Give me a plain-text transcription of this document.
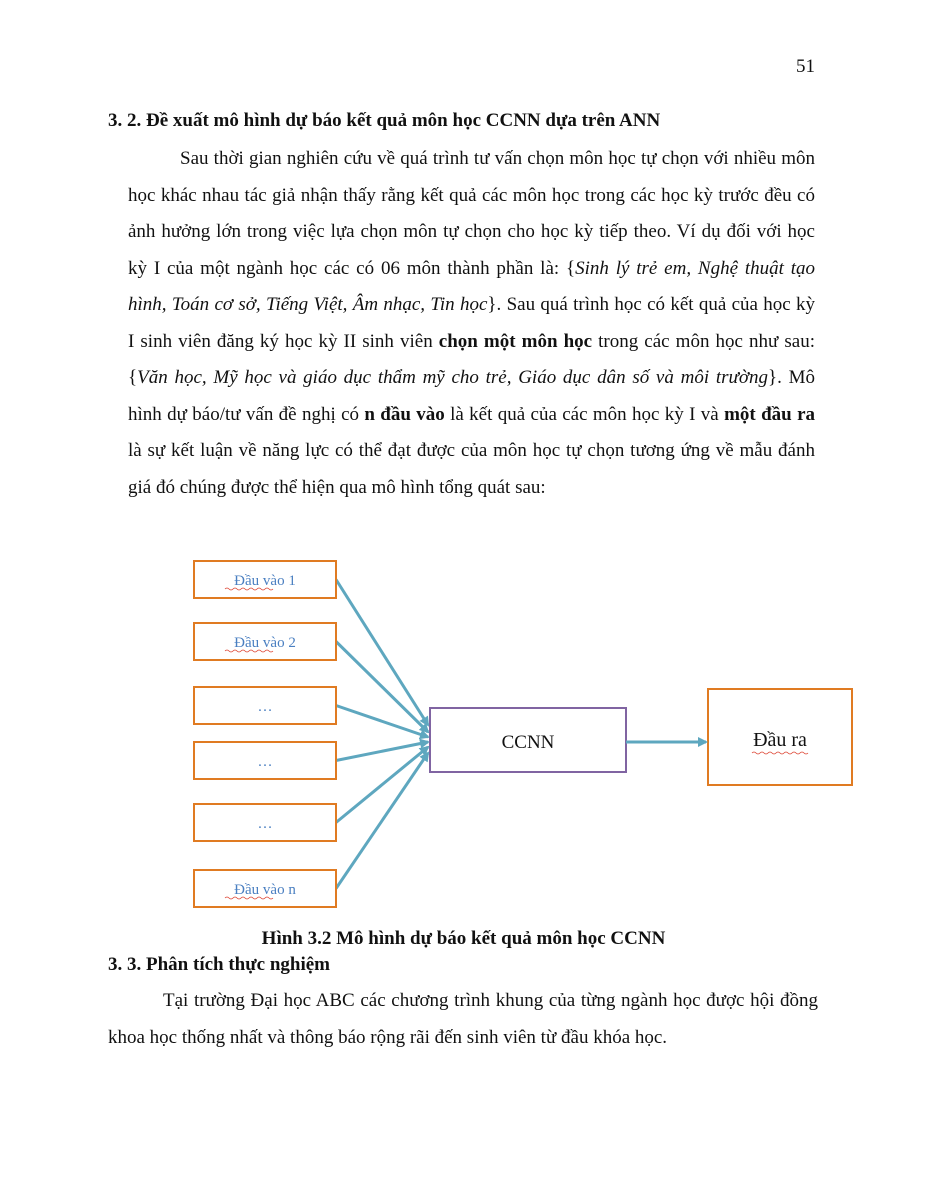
51
3. 2. Đề xuất mô hình dự báo kết quả môn học CCNN dựa trên ANN

Sau thời gian nghiên cứu về quá trình tư vấn chọn môn học tự chọn với nhiều môn học khác nhau tác giả nhận thấy rằng kết quả các môn học trong các học kỳ trước đều có ảnh hưởng lớn trong việc lựa chọn môn tự chọn cho học kỳ tiếp theo. Ví dụ đối với học kỳ I của một ngành học các có 06 môn thành phần là: {Sinh lý trẻ em, Nghệ thuật tạo hình, Toán cơ sở, Tiếng Việt, Âm nhạc, Tin học}. Sau quá trình học có kết quả của học kỳ I sinh viên đăng ký học kỳ II sinh viên chọn một môn học trong các môn học như sau: {Văn học, Mỹ học và giáo dục thẩm mỹ cho trẻ, Giáo dục dân số và môi trường}. Mô hình dự báo/tư vấn đề nghị có n đầu vào là kết quả của các môn học kỳ I và một đầu ra là sự kết luận về năng lực có thể đạt được của môn học tự chọn tương ứng về mẫu đánh giá đó chúng được thể hiện qua mô hình tổng quát sau:

Đầu vào 1
Đầu vào 2
…
…
…
Đầu vào n
CCNN	Đầu ra

Hình 3.2 Mô hình dự báo kết quả môn học CCNN

3. 3. Phân tích thực nghiệm

Tại trường Đại học ABC các chương trình khung của từng ngành học được hội đồng khoa học thống nhất và thông báo rộng rãi đến sinh viên từ đầu khóa học.
